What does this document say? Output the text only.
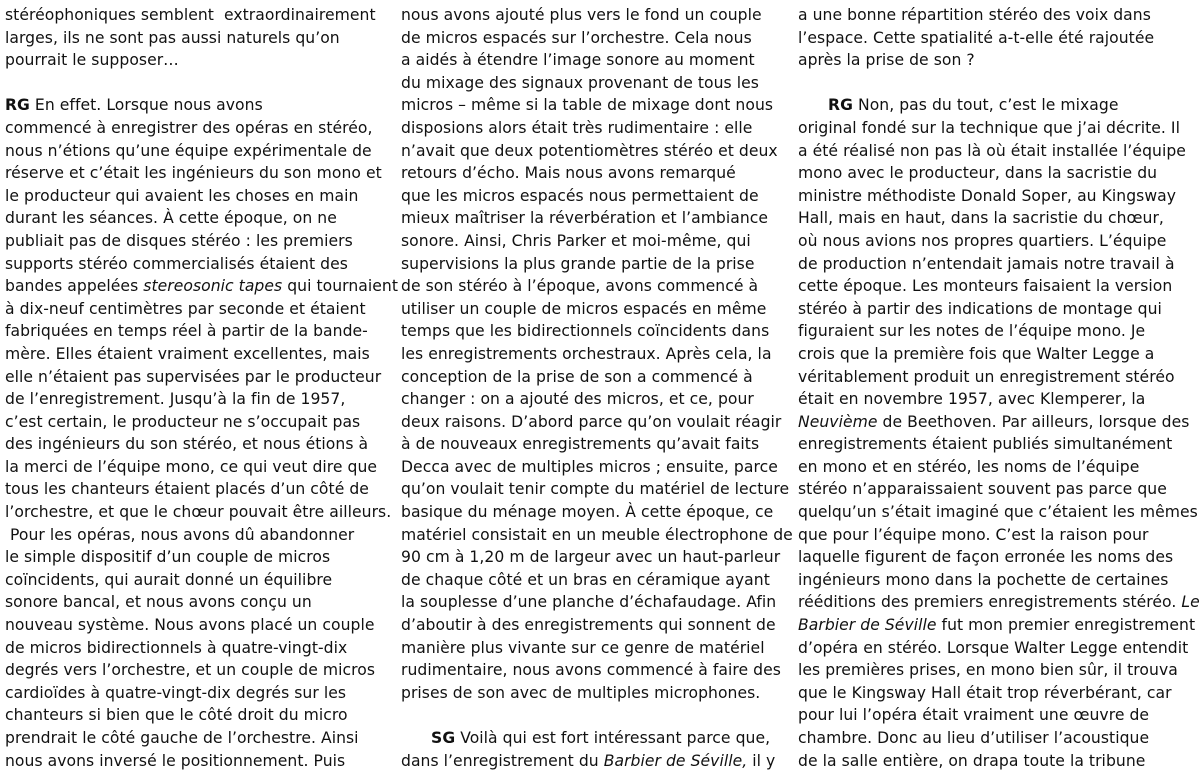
stéréophoniques semblent  extraordinairement
larges, ils ne sont pas aussi naturels qu’on
pourrait le supposer…
RG En effet. Lorsque nous avons
commencé à enregistrer des opéras en stéréo,
nous n’étions qu’une équipe expérimentale de
réserve et c’était les ingénieurs du son mono et
le producteur qui avaient les choses en main
durant les séances. À cette époque, on ne
publiait pas de disques stéréo : les premiers
supports stéréo commercialisés étaient des
bandes appelées stereosonic tapes qui tournaient
à dix-neuf centimètres par seconde et étaient
fabriquées en temps réel à partir de la bande-
mère. Elles étaient vraiment excellentes, mais
elle n’étaient pas supervisées par le producteur
de l’enregistrement. Jusqu’à la fin de 1957,
c’est certain, le producteur ne s’occupait pas
des ingénieurs du son stéréo, et nous étions à
la merci de l’équipe mono, ce qui veut dire que
tous les chanteurs étaient placés d’un côté de
l’orchestre, et que le chœur pouvait être ailleurs.
Pour les opéras, nous avons dû abandonner
le simple dispositif d’un couple de micros
coïncidents, qui aurait donné un équilibre
sonore bancal, et nous avons conçu un
nouveau système. Nous avons placé un couple
de micros bidirectionnels à quatre-vingt-dix
degrés vers l’orchestre, et un couple de micros
cardioïdes à quatre-vingt-dix degrés sur les
chanteurs si bien que le côté droit du micro
prendrait le côté gauche de l’orchestre. Ainsi
nous avons inversé le positionnement. Puis
nous avons ajouté plus vers le fond un couple
de micros espacés sur l’orchestre. Cela nous
a aidés à étendre l’image sonore au moment
du mixage des signaux provenant de tous les
micros – même si la table de mixage dont nous
disposions alors était très rudimentaire : elle
n’avait que deux potentiomètres stéréo et deux
retours d’écho. Mais nous avons remarqué
que les micros espacés nous permettaient de
mieux maîtriser la réverbération et l’ambiance
sonore. Ainsi, Chris Parker et moi-même, qui
supervisions la plus grande partie de la prise
de son stéréo à l’époque, avons commencé à
utiliser un couple de micros espacés en même
temps que les bidirectionnels coïncidents dans
les enregistrements orchestraux. Après cela, la
conception de la prise de son a commencé à
changer : on a ajouté des micros, et ce, pour
deux raisons. D’abord parce qu’on voulait réagir
à de nouveaux enregistrements qu’avait faits
Decca avec de multiples micros ; ensuite, parce
qu’on voulait tenir compte du matériel de lecture
basique du ménage moyen. À cette époque, ce
matériel consistait en un meuble électrophone de
90 cm à 1,20 m de largeur avec un haut-parleur
de chaque côté et un bras en céramique ayant
la souplesse d’une planche d’échafaudage. Afin
d’aboutir à des enregistrements qui sonnent de
manière plus vivante sur ce genre de matériel
rudimentaire, nous avons commencé à faire des
prises de son avec de multiples microphones.
SG Voilà qui est fort intéressant parce que,
dans l’enregistrement du Barbier de Séville, il y
a une bonne répartition stéréo des voix dans
l’espace. Cette spatialité a-t-elle été rajoutée
après la prise de son ?
RG Non, pas du tout, c’est le mixage
original fondé sur la technique que j’ai décrite. Il
a été réalisé non pas là où était installée l’équipe
mono avec le producteur, dans la sacristie du
ministre méthodiste Donald Soper, au Kingsway
Hall, mais en haut, dans la sacristie du chœur,
où nous avions nos propres quartiers. L’équipe
de production n’entendait jamais notre travail à
cette époque. Les monteurs faisaient la version
stéréo à partir des indications de montage qui
figuraient sur les notes de l’équipe mono. Je
crois que la première fois que Walter Legge a
véritablement produit un enregistrement stéréo
était en novembre 1957, avec Klemperer, la
Neuvième de Beethoven. Par ailleurs, lorsque des
enregistrements étaient publiés simultanément
en mono et en stéréo, les noms de l’équipe
stéréo n’apparaissaient souvent pas parce que
quelqu’un s’était imaginé que c’étaient les mêmes
que pour l’équipe mono. C’est la raison pour
laquelle figurent de façon erronée les noms des
ingénieurs mono dans la pochette de certaines
rééditions des premiers enregistrements stéréo. Le
Barbier de Séville fut mon premier enregistrement
d’opéra en stéréo. Lorsque Walter Legge entendit
les premières prises, en mono bien sûr, il trouva
que le Kingsway Hall était trop réverbérant, car
pour lui l’opéra était vraiment une œuvre de
chambre. Donc au lieu d’utiliser l’acoustique
de la salle entière, on drapa toute la tribune
